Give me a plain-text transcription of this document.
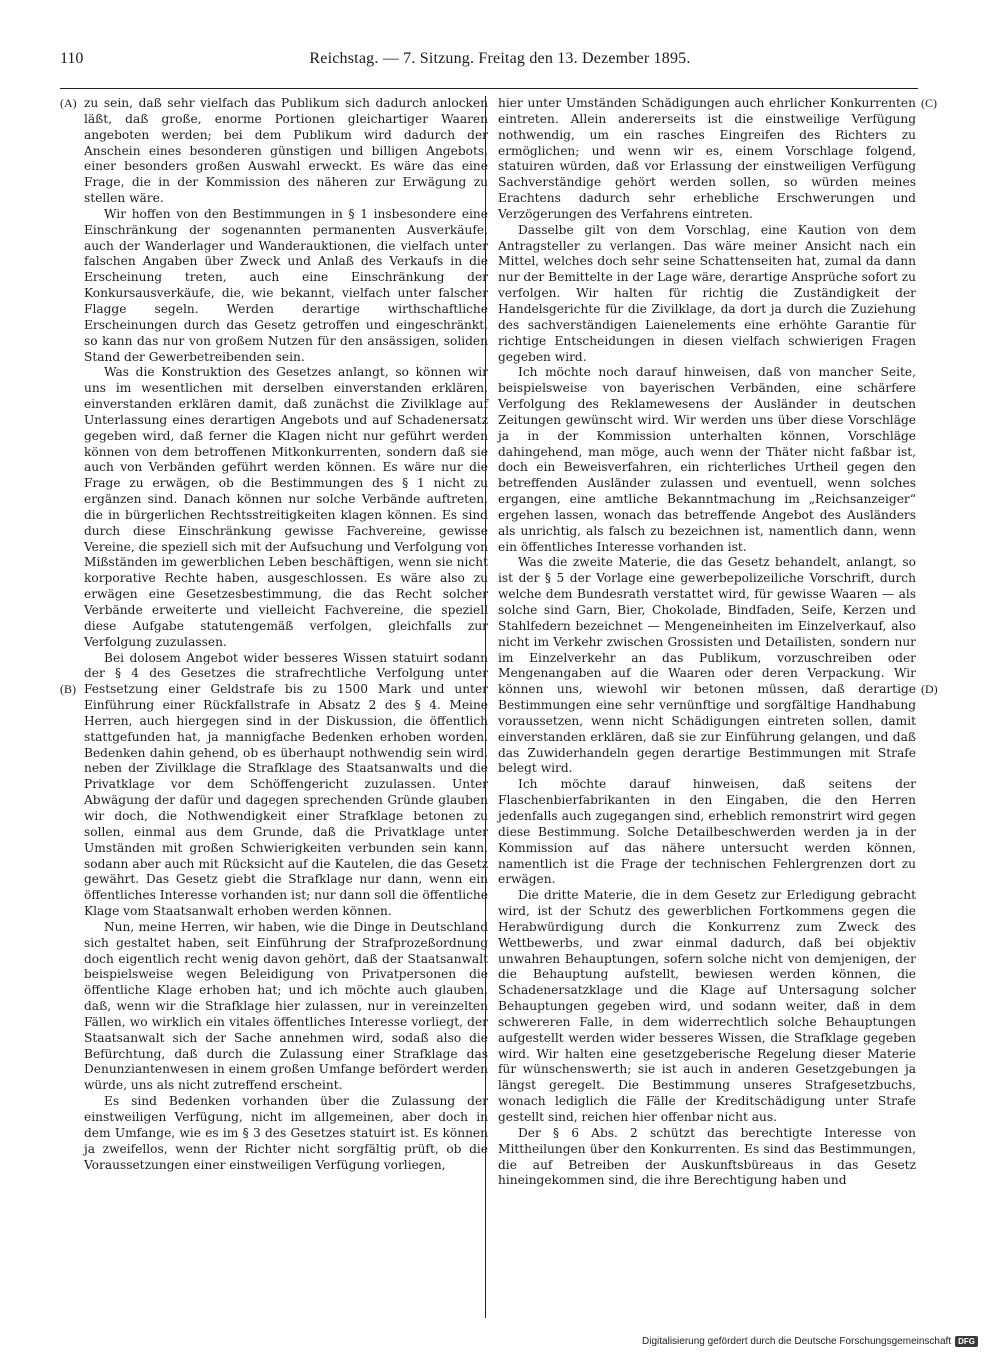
110	Reichstag. — 7. Sitzung. Freitag den 13. Dezember 1895.
(A)
(B)
(C)
(D)

zu sein, daß sehr vielfach das Publikum sich dadurch anlocken läßt, daß große, enorme Portionen gleichartiger Waaren angeboten werden; bei dem Publikum wird dadurch der Anschein eines besonderen günstigen und billigen Angebots, einer besonders großen Auswahl erweckt. Es wäre das eine Frage, die in der Kommission des näheren zur Erwägung zu stellen wäre.

Wir hoffen von den Bestimmungen in § 1 insbesondere eine Einschränkung der sogenannten permanenten Ausverkäufe, auch der Wanderlager und Wanderauktionen, die vielfach unter falschen Angaben über Zweck und Anlaß des Verkaufs in die Erscheinung treten, auch eine Einschränkung der Konkursausverkäufe, die, wie bekannt, vielfach unter falscher Flagge segeln. Werden derartige wirthschaftliche Erscheinungen durch das Gesetz getroffen und eingeschränkt, so kann das nur von großem Nutzen für den ansässigen, soliden Stand der Gewerbetreibenden sein.

Was die Konstruktion des Gesetzes anlangt, so können wir uns im wesentlichen mit derselben einverstanden erklären, einverstanden erklären damit, daß zunächst die Zivilklage auf Unterlassung eines derartigen Angebots und auf Schadenersatz gegeben wird, daß ferner die Klagen nicht nur geführt werden können von dem betroffenen Mitkonkurrenten, sondern daß sie auch von Verbänden geführt werden können. Es wäre nur die Frage zu erwägen, ob die Bestimmungen des § 1 nicht zu ergänzen sind. Danach können nur solche Verbände auftreten, die in bürgerlichen Rechtsstreitigkeiten klagen können. Es sind durch diese Einschränkung gewisse Fachvereine, gewisse Vereine, die speziell sich mit der Aufsuchung und Verfolgung von Mißständen im gewerblichen Leben beschäftigen, wenn sie nicht korporative Rechte haben, ausgeschlossen. Es wäre also zu erwägen eine Gesetzesbestimmung, die das Recht solcher Verbände erweiterte und vielleicht Fachvereine, die speziell diese Aufgabe statutengemäß verfolgen, gleichfalls zur Verfolgung zuzulassen.

Bei dolosem Angebot wider besseres Wissen statuirt sodann der § 4 des Gesetzes die strafrechtliche Verfolgung unter Festsetzung einer Geldstrafe bis zu 1500 Mark und unter Einführung einer Rückfallstrafe in Absatz 2 des § 4. Meine Herren, auch hiergegen sind in der Diskussion, die öffentlich stattgefunden hat, ja mannigfache Bedenken erhoben worden, Bedenken dahin gehend, ob es überhaupt nothwendig sein wird, neben der Zivilklage die Strafklage des Staatsanwalts und die Privatklage vor dem Schöffengericht zuzulassen. Unter Abwägung der dafür und dagegen sprechenden Gründe glauben wir doch, die Nothwendigkeit einer Strafklage betonen zu sollen, einmal aus dem Grunde, daß die Privatklage unter Umständen mit großen Schwierigkeiten verbunden sein kann, sodann aber auch mit Rücksicht auf die Kautelen, die das Gesetz gewährt. Das Gesetz giebt die Strafklage nur dann, wenn ein öffentliches Interesse vorhanden ist; nur dann soll die öffentliche Klage vom Staatsanwalt erhoben werden können.

Nun, meine Herren, wir haben, wie die Dinge in Deutschland sich gestaltet haben, seit Einführung der Strafprozeßordnung doch eigentlich recht wenig davon gehört, daß der Staatsanwalt beispielsweise wegen Beleidigung von Privatpersonen die öffentliche Klage erhoben hat; und ich möchte auch glauben, daß, wenn wir die Strafklage hier zulassen, nur in vereinzelten Fällen, wo wirklich ein vitales öffentliches Interesse vorliegt, der Staatsanwalt sich der Sache annehmen wird, sodaß also die Befürchtung, daß durch die Zulassung einer Strafklage das Denunziantenwesen in einem großen Umfange befördert werden würde, uns als nicht zutreffend erscheint.

Es sind Bedenken vorhanden über die Zulassung der einstweiligen Verfügung, nicht im allgemeinen, aber doch in dem Umfange, wie es im § 3 des Gesetzes statuirt ist. Es können ja zweifellos, wenn der Richter nicht sorgfältig prüft, ob die Voraussetzungen einer einstweiligen Verfügung vorliegen,

hier unter Umständen Schädigungen auch ehrlicher Konkurrenten eintreten. Allein andererseits ist die einstweilige Verfügung nothwendig, um ein rasches Eingreifen des Richters zu ermöglichen; und wenn wir es, einem Vorschlage folgend, statuiren würden, daß vor Erlassung der einstweiligen Verfügung Sachverständige gehört werden sollen, so würden meines Erachtens dadurch sehr erhebliche Erschwerungen und Verzögerungen des Verfahrens eintreten.

Dasselbe gilt von dem Vorschlag, eine Kaution von dem Antragsteller zu verlangen. Das wäre meiner Ansicht nach ein Mittel, welches doch sehr seine Schattenseiten hat, zumal da dann nur der Bemittelte in der Lage wäre, derartige Ansprüche sofort zu verfolgen. Wir halten für richtig die Zuständigkeit der Handelsgerichte für die Zivilklage, da dort ja durch die Zuziehung des sachverständigen Laienelements eine erhöhte Garantie für richtige Entscheidungen in diesen vielfach schwierigen Fragen gegeben wird.

Ich möchte noch darauf hinweisen, daß von mancher Seite, beispielsweise von bayerischen Verbänden, eine schärfere Verfolgung des Reklamewesens der Ausländer in deutschen Zeitungen gewünscht wird. Wir werden uns über diese Vorschläge ja in der Kommission unterhalten können, Vorschläge dahingehend, man möge, auch wenn der Thäter nicht faßbar ist, doch ein Beweisverfahren, ein richterliches Urtheil gegen den betreffenden Ausländer zulassen und eventuell, wenn solches ergangen, eine amtliche Bekanntmachung im „Reichsanzeiger“ ergehen lassen, wonach das betreffende Angebot des Ausländers als unrichtig, als falsch zu bezeichnen ist, namentlich dann, wenn ein öffentliches Interesse vorhanden ist.

Was die zweite Materie, die das Gesetz behandelt, anlangt, so ist der § 5 der Vorlage eine gewerbepolizeiliche Vorschrift, durch welche dem Bundesrath verstattet wird, für gewisse Waaren — als solche sind Garn, Bier, Chokolade, Bindfaden, Seife, Kerzen und Stahlfedern bezeichnet — Mengeneinheiten im Einzelverkauf, also nicht im Verkehr zwischen Grossisten und Detailisten, sondern nur im Einzelverkehr an das Publikum, vorzuschreiben oder Mengenangaben auf die Waaren oder deren Verpackung. Wir können uns, wiewohl wir betonen müssen, daß derartige Bestimmungen eine sehr vernünftige und sorgfältige Handhabung voraussetzen, wenn nicht Schädigungen eintreten sollen, damit einverstanden erklären, daß sie zur Einführung gelangen, und daß das Zuwiderhandeln gegen derartige Bestimmungen mit Strafe belegt wird.

Ich möchte darauf hinweisen, daß seitens der Flaschenbierfabrikanten in den Eingaben, die den Herren jedenfalls auch zugegangen sind, erheblich remonstrirt wird gegen diese Bestimmung. Solche Detailbeschwerden werden ja in der Kommission auf das nähere untersucht werden können, namentlich ist die Frage der technischen Fehlergrenzen dort zu erwägen.

Die dritte Materie, die in dem Gesetz zur Erledigung gebracht wird, ist der Schutz des gewerblichen Fortkommens gegen die Herabwürdigung durch die Konkurrenz zum Zweck des Wettbewerbs, und zwar einmal dadurch, daß bei objektiv unwahren Behauptungen, sofern solche nicht von demjenigen, der die Behauptung aufstellt, bewiesen werden können, die Schadenersatzklage und die Klage auf Untersagung solcher Behauptungen gegeben wird, und sodann weiter, daß in dem schwereren Falle, in dem widerrechtlich solche Behauptungen aufgestellt werden wider besseres Wissen, die Strafklage gegeben wird. Wir halten eine gesetzgeberische Regelung dieser Materie für wünschenswerth; sie ist auch in anderen Gesetzgebungen ja längst geregelt. Die Bestimmung unseres Strafgesetzbuchs, wonach lediglich die Fälle der Kreditschädigung unter Strafe gestellt sind, reichen hier offenbar nicht aus.

Der § 6 Abs. 2 schützt das berechtigte Interesse von Mittheilungen über den Konkurrenten. Es sind das Bestimmungen, die auf Betreiben der Auskunftsbüreaus in das Gesetz hineingekommen sind, die ihre Berechtigung haben und

Digitalisierung gefördert durch die Deutsche Forschungsgemeinschaft DFG
